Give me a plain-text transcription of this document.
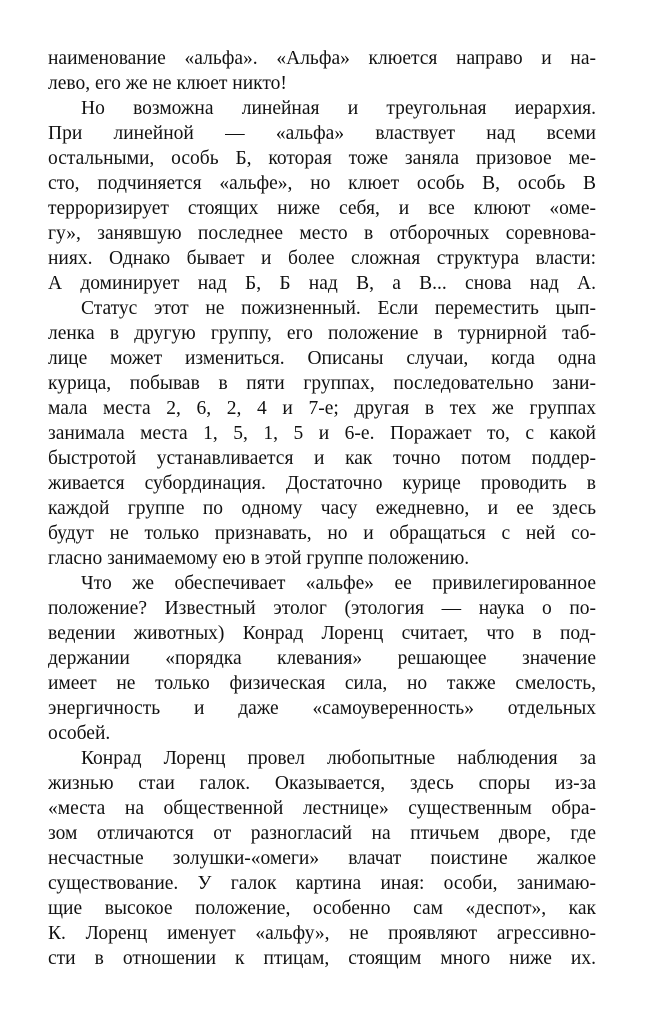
наименование «альфа». «Альфа» клюется направо и на-
лево, его же не клюет никто!
Но возможна линейная и треугольная иерархия.
При линейной — «альфа» властвует над всеми
остальными, особь Б, которая тоже заняла призовое ме-
сто, подчиняется «альфе», но клюет особь В, особь В
терроризирует стоящих ниже себя, и все клюют «оме-
гу», занявшую последнее место в отборочных соревнова-
ниях. Однако бывает и более сложная структура власти:
А доминирует над Б, Б над В, а В... снова над А.
Статус этот не пожизненный. Если переместить цып-
ленка в другую группу, его положение в турнирной таб-
лице может измениться. Описаны случаи, когда одна
курица, побывав в пяти группах, последовательно зани-
мала места 2, 6, 2, 4 и 7-е; другая в тех же группах
занимала места 1, 5, 1, 5 и 6-е. Поражает то, с какой
быстротой устанавливается и как точно потом поддер-
живается субординация. Достаточно курице проводить в
каждой группе по одному часу ежедневно, и ее здесь
будут не только признавать, но и обращаться с ней со-
гласно занимаемому ею в этой группе положению.
Что же обеспечивает «альфе» ее привилегированное
положение? Известный этолог (этология — наука о по-
ведении животных) Конрад Лоренц считает, что в под-
держании «порядка клевания» решающее значение
имеет не только физическая сила, но также смелость,
энергичность и даже «самоуверенность» отдельных
особей.
Конрад Лоренц провел любопытные наблюдения за
жизнью стаи галок. Оказывается, здесь споры из-за
«места на общественной лестнице» существенным обра-
зом отличаются от разногласий на птичьем дворе, где
несчастные золушки-«омеги» влачат поистине жалкое
существование. У галок картина иная: особи, занимаю-
щие высокое положение, особенно сам «деспот», как
К. Лоренц именует «альфу», не проявляют агрессивно-
сти в отношении к птицам, стоящим много ниже их.
